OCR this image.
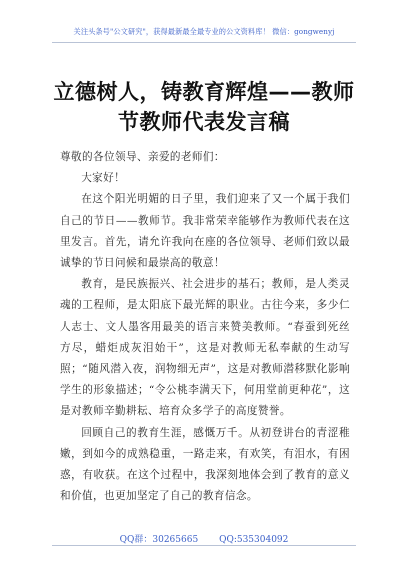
关注头条号"公文研究"，获得最新最全最专业的公文资料库！ 微信：gongwenyj
立德树人，铸教育辉煌——教师节教师代表发言稿

尊敬的各位领导、亲爱的老师们：

大家好！

在这个阳光明媚的日子里，我们迎来了又一个属于我们自己的节日——教师节。我非常荣幸能够作为教师代表在这里发言。首先，请允许我向在座的各位领导、老师们致以最诚挚的节日问候和最崇高的敬意！

教育，是民族振兴、社会进步的基石；教师，是人类灵魂的工程师，是太阳底下最光辉的职业。古往今来，多少仁人志士、文人墨客用最美的语言来赞美教师。“春蚕到死丝方尽，蜡炬成灰泪始干”，这是对教师无私奉献的生动写照；“随风潜入夜，润物细无声”，这是对教师潜移默化影响学生的形象描述；“令公桃李满天下，何用堂前更种花”，这是对教师辛勤耕耘、培育众多学子的高度赞誉。

回顾自己的教育生涯，感慨万千。从初登讲台的青涩稚嫩，到如今的成熟稳重，一路走来，有欢笑，有泪水，有困惑，有收获。在这个过程中，我深刻地体会到了教育的意义和价值，也更加坚定了自己的教育信念。

QQ群：30265665 QQ:535304092
